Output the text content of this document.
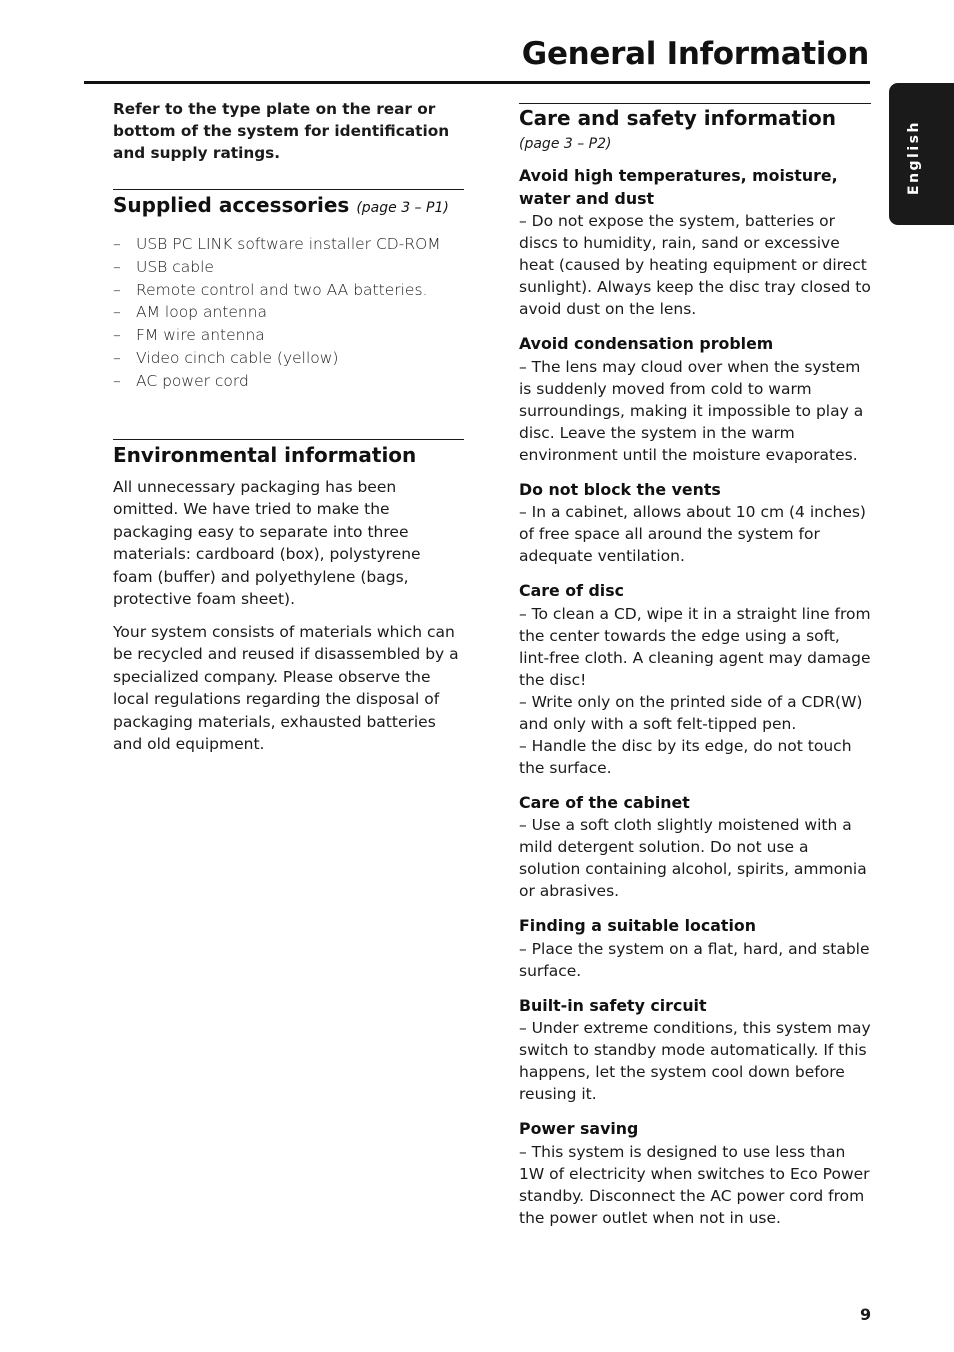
General Information
English

Refer to the type plate on the rear or bottom of the system for identification and supply ratings.

Supplied accessories (page 3 – P1)
– USB PC LINK software installer CD-ROM
– USB cable
– Remote control and two AA batteries.
– AM loop antenna
– FM wire antenna
– Video cinch cable (yellow)
– AC power cord
Environmental information

All unnecessary packaging has been omitted. We have tried to make the packaging easy to separate into three materials: cardboard (box), polystyrene foam (buffer) and polyethylene (bags, protective foam sheet).

Your system consists of materials which can be recycled and reused if disassembled by a specialized company. Please observe the local regulations regarding the disposal of packaging materials, exhausted batteries and old equipment.

Care and safety information

(page 3 – P2)

Avoid high temperatures, moisture, water and dust

– Do not expose the system, batteries or discs to humidity, rain, sand or excessive heat (caused by heating equipment or direct sunlight). Always keep the disc tray closed to avoid dust on the lens.

Avoid condensation problem

– The lens may cloud over when the system is suddenly moved from cold to warm surroundings, making it impossible to play a disc. Leave the system in the warm environment until the moisture evaporates.

Do not block the vents

– In a cabinet, allows about 10 cm (4 inches) of free space all around the system for adequate ventilation.

Care of disc

– To clean a CD, wipe it in a straight line from the center towards the edge using a soft, lint-free cloth. A cleaning agent may damage the disc!

– Write only on the printed side of a CDR(W) and only with a soft felt-tipped pen.

– Handle the disc by its edge, do not touch the surface.

Care of the cabinet

– Use a soft cloth slightly moistened with a mild detergent solution. Do not use a solution containing alcohol, spirits, ammonia or abrasives.

Finding a suitable location

– Place the system on a flat, hard, and stable surface.

Built-in safety circuit

– Under extreme conditions, this system may switch to standby mode automatically. If this happens, let the system cool down before reusing it.

Power saving

– This system is designed to use less than 1W of electricity when switches to Eco Power standby. Disconnect the AC power cord from the power outlet when not in use.

9
